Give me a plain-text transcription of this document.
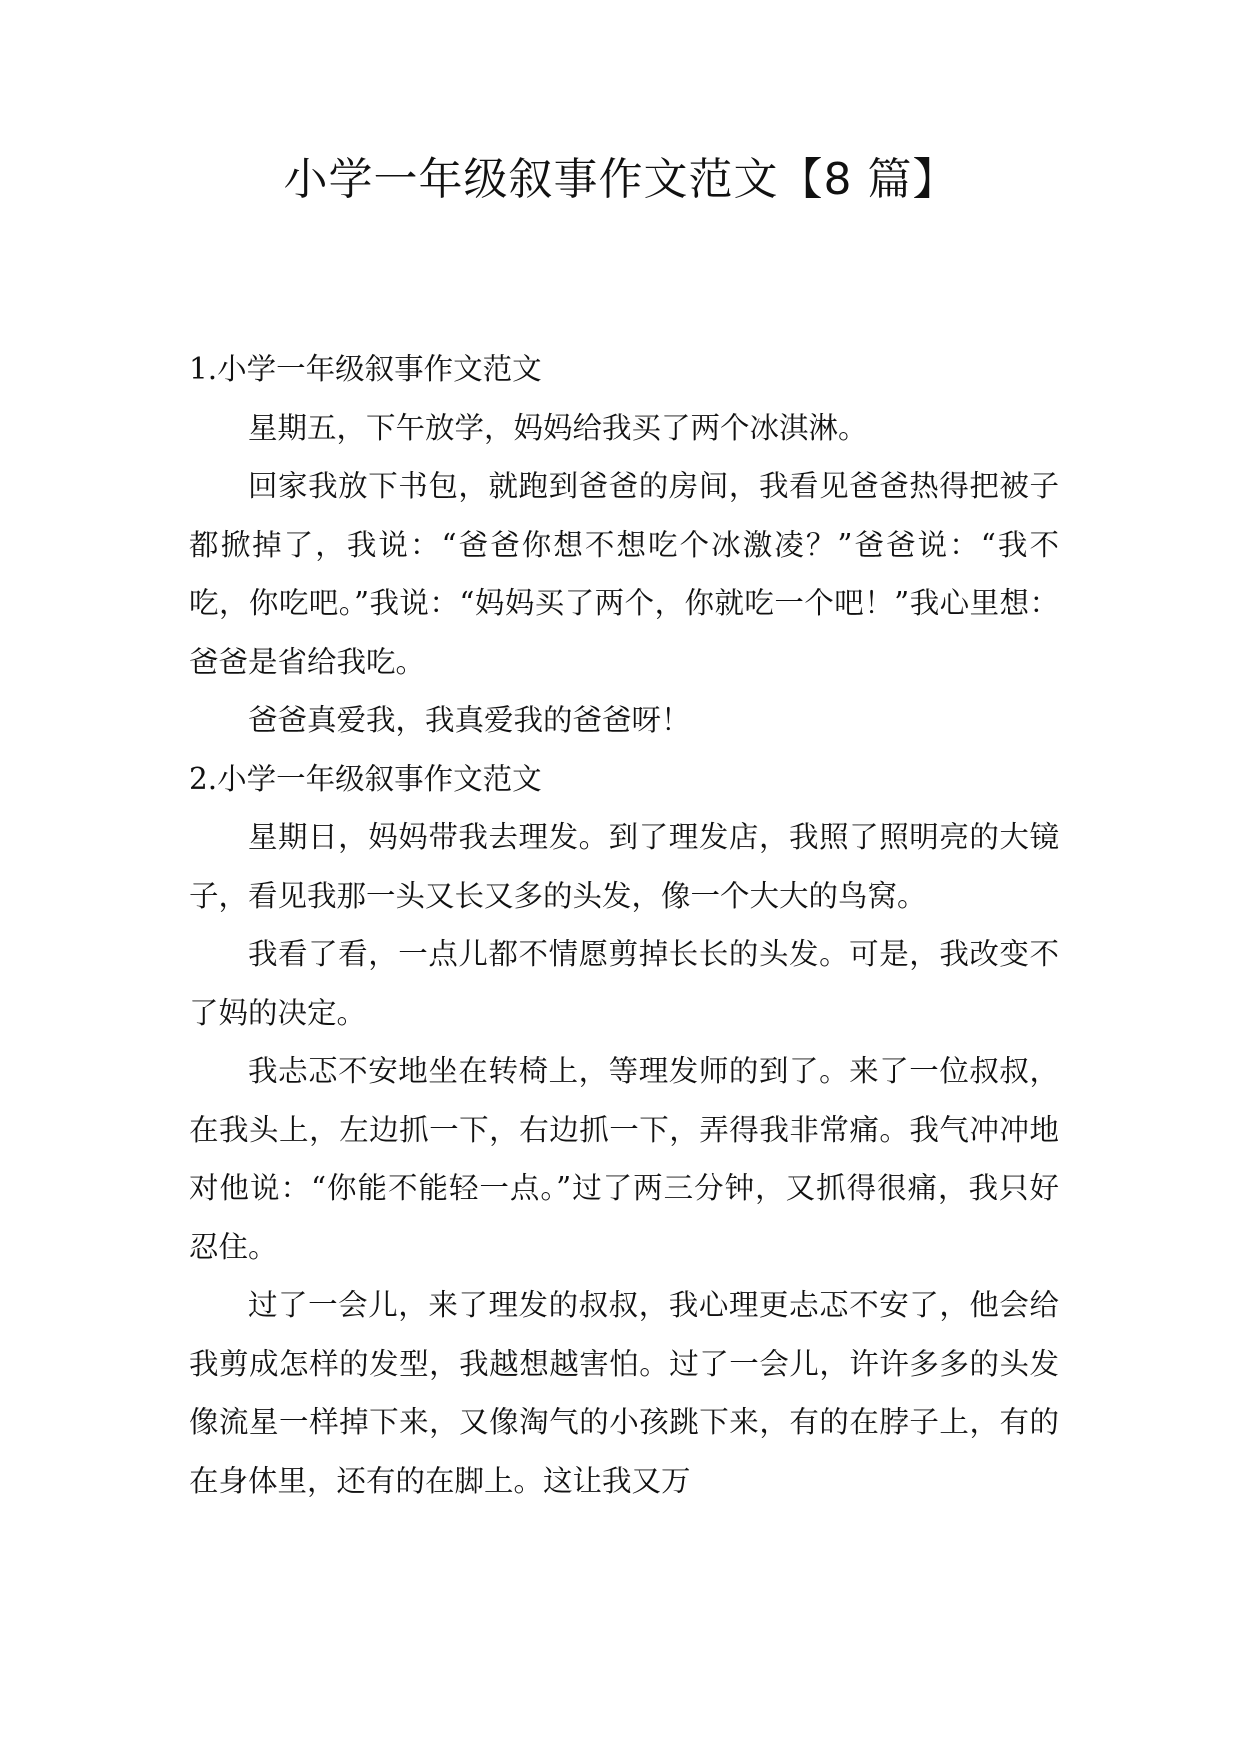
小学一年级叙事作文范文【8 篇】

1.小学一年级叙事作文范文

星期五，下午放学，妈妈给我买了两个冰淇淋。

回家我放下书包，就跑到爸爸的房间，我看见爸爸热得把被子都掀掉了，我说：“爸爸你想不想吃个冰激凌？”爸爸说：“我不吃，你吃吧。”我说：“妈妈买了两个，你就吃一个吧！”我心里想：爸爸是省给我吃。

爸爸真爱我，我真爱我的爸爸呀！

2.小学一年级叙事作文范文

星期日，妈妈带我去理发。到了理发店，我照了照明亮的大镜子，看见我那一头又长又多的头发，像一个大大的鸟窝。

我看了看，一点儿都不情愿剪掉长长的头发。可是，我改变不了妈的决定。

我忐忑不安地坐在转椅上，等理发师的到了。来了一位叔叔，在我头上，左边抓一下，右边抓一下，弄得我非常痛。我气冲冲地对他说：“你能不能轻一点。”过了两三分钟，又抓得很痛，我只好忍住。

过了一会儿，来了理发的叔叔，我心理更忐忑不安了，他会给我剪成怎样的发型，我越想越害怕。过了一会儿，许许多多的头发像流星一样掉下来，又像淘气的小孩跳下来，有的在脖子上，有的在身体里，还有的在脚上。这让我又万
